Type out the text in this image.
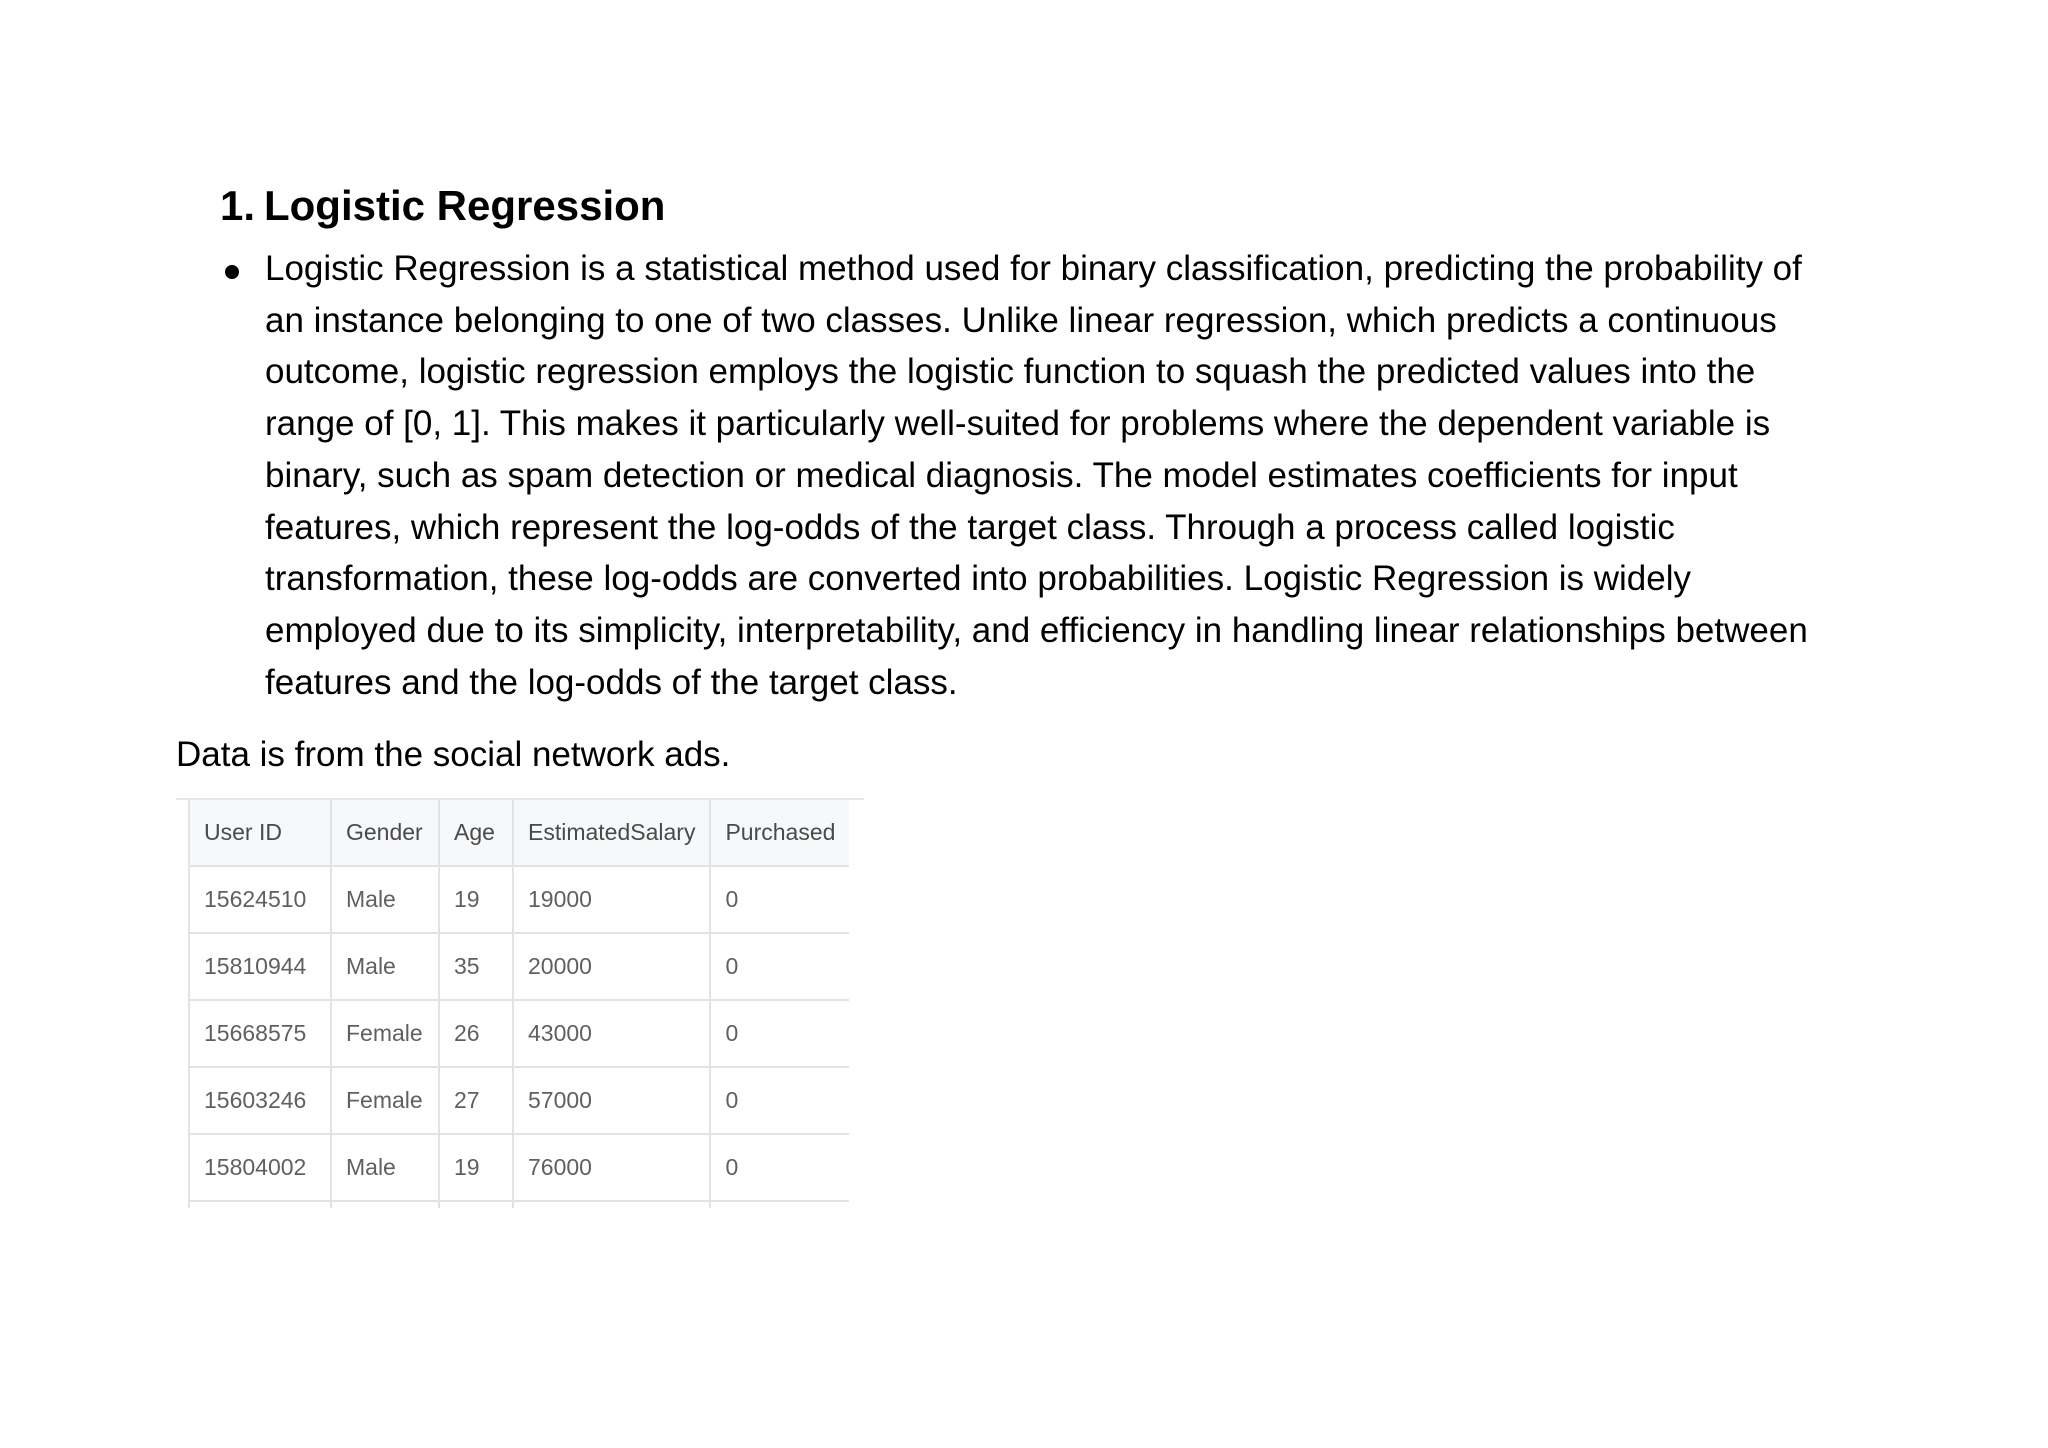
1. Logistic Regression
Logistic Regression is a statistical method used for binary classification, predicting the probability of
an instance belonging to one of two classes. Unlike linear regression, which predicts a continuous
outcome, logistic regression employs the logistic function to squash the predicted values into the
range of [0, 1]. This makes it particularly well-suited for problems where the dependent variable is
binary, such as spam detection or medical diagnosis. The model estimates coefficients for input
features, which represent the log-odds of the target class. Through a process called logistic
transformation, these log-odds are converted into probabilities. Logistic Regression is widely
employed due to its simplicity, interpretability, and efficiency in handling linear relationships between
features and the log-odds of the target class.
Data is from the social network ads.
User ID	Gender	Age	EstimatedSalary	Purchased
15624510	Male	19	19000	0
15810944	Male	35	20000	0
15668575	Female	26	43000	0
15603246	Female	27	57000	0
15804002	Male	19	76000	0
